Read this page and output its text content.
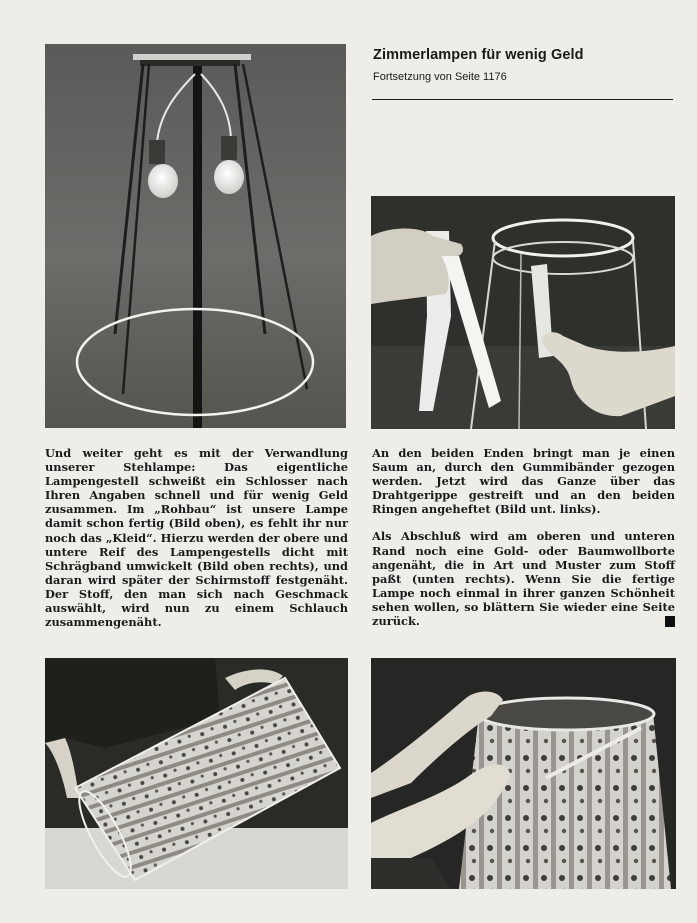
Zimmerlampen für wenig Geld
Fortsetzung von Seite 1176

Und weiter geht es mit der Verwandlung unserer Stehlampe: Das eigentliche Lampengestell schweißt ein Schlosser nach Ihren Angaben schnell und für wenig Geld zusammen. Im „Rohbau“ ist unsere Lampe damit schon fertig (Bild oben), es fehlt ihr nur noch das „Kleid“. Hierzu werden der obere und untere Reif des Lampengestells dicht mit Schrägband umwickelt (Bild oben rechts), und daran wird später der Schirmstoff festgenäht. Der Stoff, den man sich nach Geschmack auswählt, wird nun zu einem Schlauch zusammengenäht.

An den beiden Enden bringt man je einen Saum an, durch den Gummibänder gezogen werden. Jetzt wird das Ganze über das Drahtgerippe gestreift und an den beiden Ringen angeheftet (Bild unt. links).

Als Abschluß wird am oberen und unteren Rand noch eine Gold- oder Baumwollborte angenäht, die in Art und Muster zum Stoff paßt (unten rechts). Wenn Sie die fertige Lampe noch einmal in ihrer ganzen Schönheit sehen wollen, so blättern Sie wieder eine Seite zurück.
